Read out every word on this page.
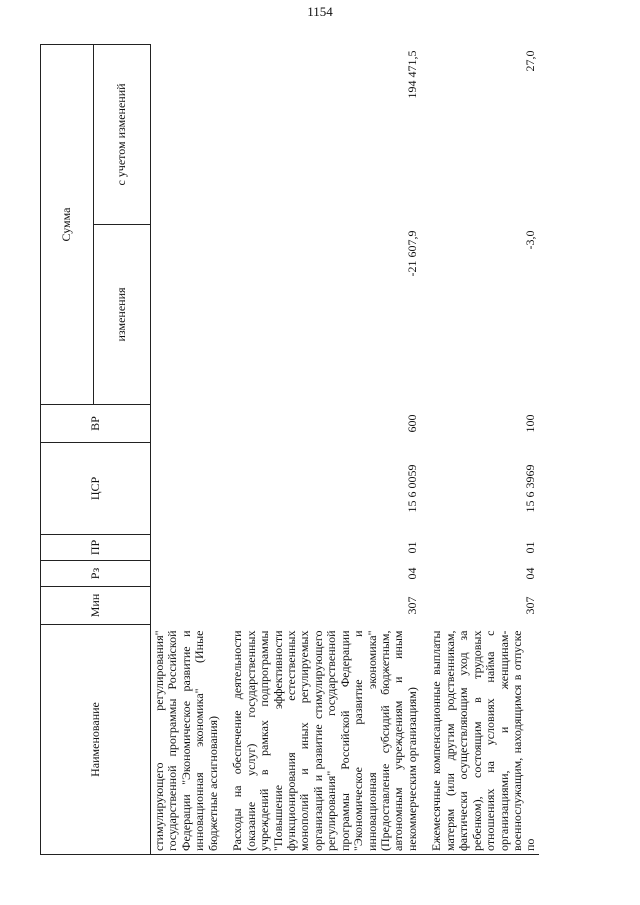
1154
Наименование	Мин	Рз	ПР	ЦСР	ВР	Сумма	
						изменения	с учетом изменений
стимулирующего регулирования" государственной программы Российской Федерации "Экономическое развитие и инновационная экономика" (Иные бюджетные ассигнования)							
Расходы на обеспечение деятельности (оказание услуг) государственных учреждений в рамках подпрограммы "Повышение эффективности функционирования естественных монополий и иных регулируемых организаций и развитие стимулирующего регулирования" государственной программы Российской Федерации "Экономическое развитие и инновационная экономика" (Предоставление субсидий бюджетным, автономным учреждениям и иным некоммерческим организациям)	307	04	01	15 6 0059	600	-21 607,9	194 471,5
Ежемесячные компенсационные выплаты матерям (или другим родственникам, фактически осуществляющим уход за ребенком), состоящим в трудовых отношениях на условиях найма с организациями, и женщинам-военнослужащим, находящимся в отпуске по	307	04	01	15 6 3969	100	-3,0	27,0
